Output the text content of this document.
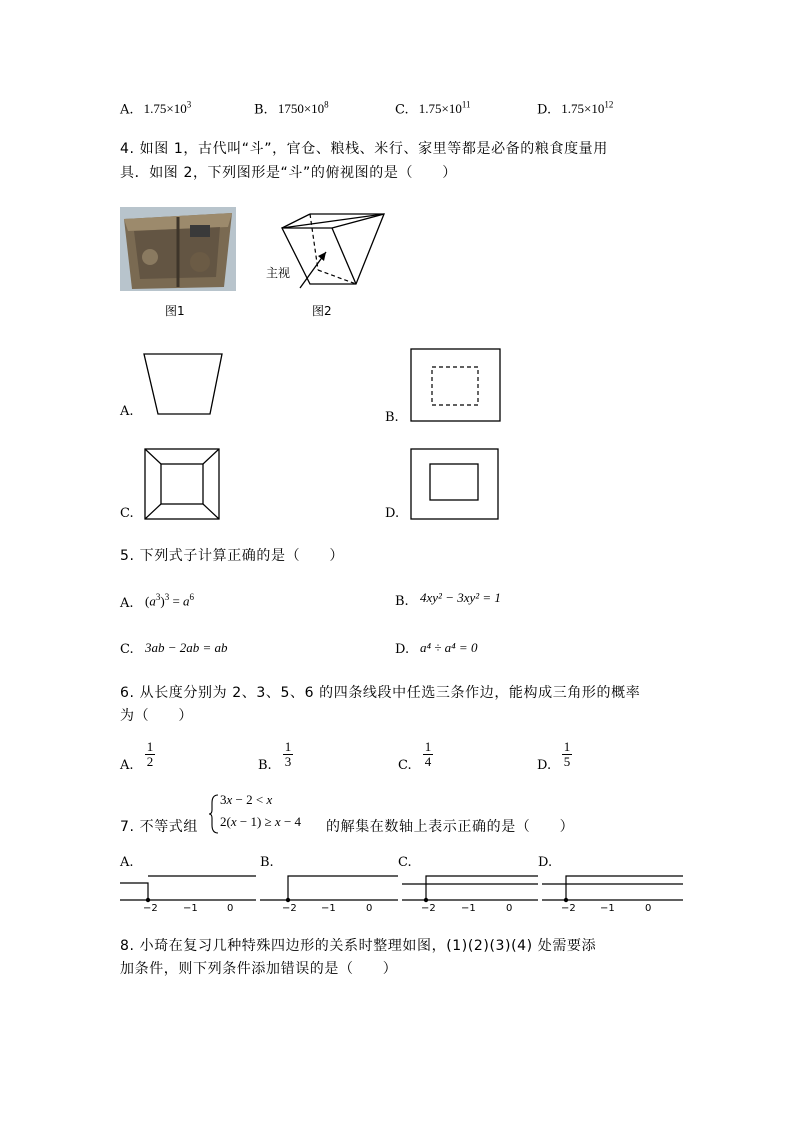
A. $1.75\times 10^3$	B. $1750\times 10^8$	C. $1.75\times 10^{11}$	D. $1.75\times 10^{12}$
4. 如图 1，古代叫“斗”，官仓、粮栈、米行、家里等都是必备的粮食度量用
具．如图 2，下列图形是“斗”的俯视图的是（　　）
图1
主视
图2
A.	B.
C.	D.
5. 下列式子计算正确的是（　　）
A. $(a^3)^3 = a^6$	B. 4xy² − 3xy² = 1
C. 3ab − 2ab = ab	D. a⁴ ÷ a⁴ = 0
6. 从长度分别为 2、3、5、6 的四条线段中任选三条作边，能构成三角形的概率
为（　　）
A. $\frac{1}{2}$	B. $\frac{1}{3}$	C. $\frac{1}{4}$	D. $\frac{1}{5}$
7. 不等式组
3x − 2 < x
2(x − 1) ≥ x − 4 的解集在数轴上表示正确的是（　　）
A.	B.	C.	D.
−2	−1	0	−2 −1	0	−2	−1	0	−2 −1	0
8. 小琦在复习几种特殊四边形的关系时整理如图，(1)(2)(3)(4) 处需要添
加条件，则下列条件添加错误的是（　　）
